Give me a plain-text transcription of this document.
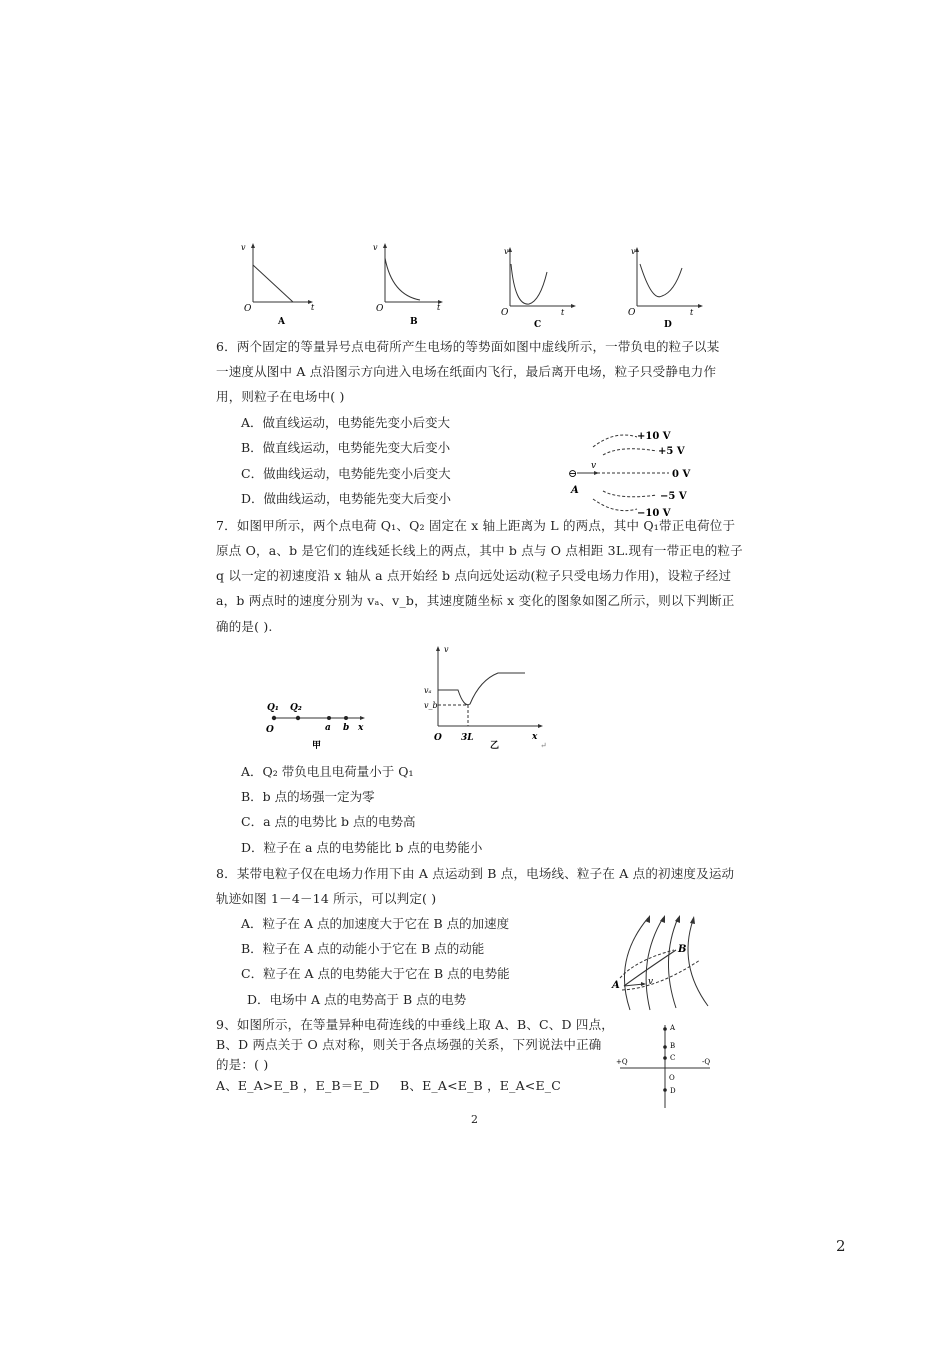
v
O	t
A
v
O	t
B
v
O	t
C
v
O	t
D
6．两个固定的等量异号点电荷所产生电场的等势面如图中虚线所示，一带负电的粒子以某
一速度从图中 A 点沿图示方向进入电场在纸面内飞行，最后离开电场，粒子只受静电力作
用，则粒子在电场中( )
A．做直线运动，电势能先变小后变大
B．做直线运动，电势能先变大后变小
C．做曲线运动，电势能先变小后变大
D．做曲线运动，电势能先变大后变小
+10 V
+5 V
0 V
−5 V
−10 V
⊖
v
A
7．如图甲所示，两个点电荷 Q₁、Q₂ 固定在 x 轴上距离为 L 的两点，其中 Q₁带正电荷位于
原点 O，a、b 是它们的连线延长线上的两点，其中 b 点与 O 点相距 3L.现有一带正电的粒子
q 以一定的初速度沿 x 轴从 a 点开始经 b 点向远处运动(粒子只受电场力作用)，设粒子经过
a，b 两点时的速度分别为 vₐ、v_b，其速度随坐标 x 变化的图象如图乙所示，则以下判断正
确的是( ).
Q₁ Q₂
O	a b x
甲
v
vₐ
v_b
O 3L	x
乙	↵
A．Q₂ 带负电且电荷量小于 Q₁
B．b 点的场强一定为零
C．a 点的电势比 b 点的电势高
D．粒子在 a 点的电势能比 b 点的电势能小
8．某带电粒子仅在电场力作用下由 A 点运动到 B 点，电场线、粒子在 A 点的初速度及运动
轨迹如图 1－4－14 所示，可以判定( )
A．粒子在 A 点的加速度大于它在 B 点的加速度
B．粒子在 A 点的动能小于它在 B 点的动能
C．粒子在 A 点的电势能大于它在 B 点的电势能
D．电场中 A 点的电势高于 B 点的电势
A
B
v
9、如图所示，在等量异种电荷连线的中垂线上取 A、B、C、D 四点，
B、D 两点关于 O 点对称，则关于各点场强的关系，下列说法中正确
的是：( )
A、E_A>E_B ，E_B＝E_D B、E_A<E_B ，E_A<E_C
+Q	-Q
A
B
C
O
D
2
2
